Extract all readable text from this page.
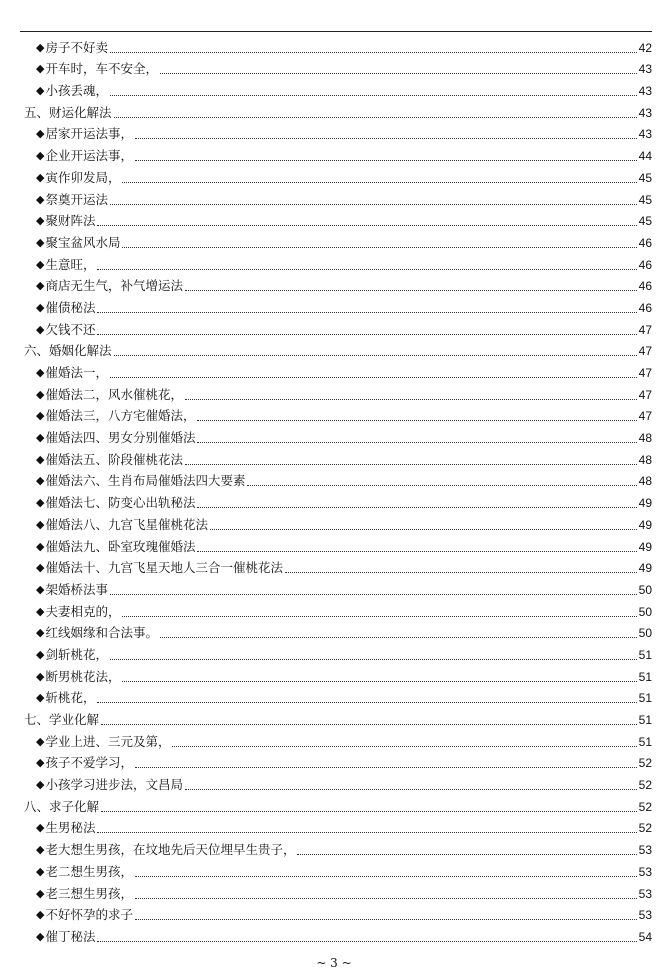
◆ 房子不好卖	42
◆ 开车时，车不安全，	43
◆ 小孩丢魂，	43
五、财运化解法	43
◆ 居家开运法事，	43
◆ 企业开运法事，	44
◆ 寅作卯发局，	45
◆ 祭奠开运法	45
◆ 聚财阵法	45
◆ 聚宝盆风水局	46
◆ 生意旺，	46
◆ 商店无生气，补气增运法	46
◆ 催债秘法	46
◆ 欠钱不还	47
六、婚姻化解法	47
◆ 催婚法一，	47
◆ 催婚法二，风水催桃花，	47
◆ 催婚法三，八方宅催婚法，	47
◆ 催婚法四、男女分别催婚法	48
◆ 催婚法五、阶段催桃花法	48
◆ 催婚法六、生肖布局催婚法四大要素	48
◆ 催婚法七、防变心出轨秘法	49
◆ 催婚法八、九宫飞星催桃花法	49
◆ 催婚法九、卧室玫瑰催婚法	49
◆ 催婚法十、九宫飞星天地人三合一催桃花法	49
◆ 架婚桥法事	50
◆ 夫妻相克的，	50
◆ 红线姻缘和合法事。	50
◆ 剑斩桃花，	51
◆ 断男桃花法，	51
◆ 斩桃花，	51
七、学业化解	51
◆ 学业上进、三元及第，	51
◆ 孩子不爱学习，	52
◆ 小孩学习进步法，文昌局	52
八、求子化解	52
◆ 生男秘法	52
◆ 老大想生男孩，在坟地先后天位埋早生贵子，	53
◆ 老二想生男孩，	53
◆ 老三想生男孩，	53
◆ 不好怀孕的求子	53
◆ 催丁秘法	54
~ 3 ~
